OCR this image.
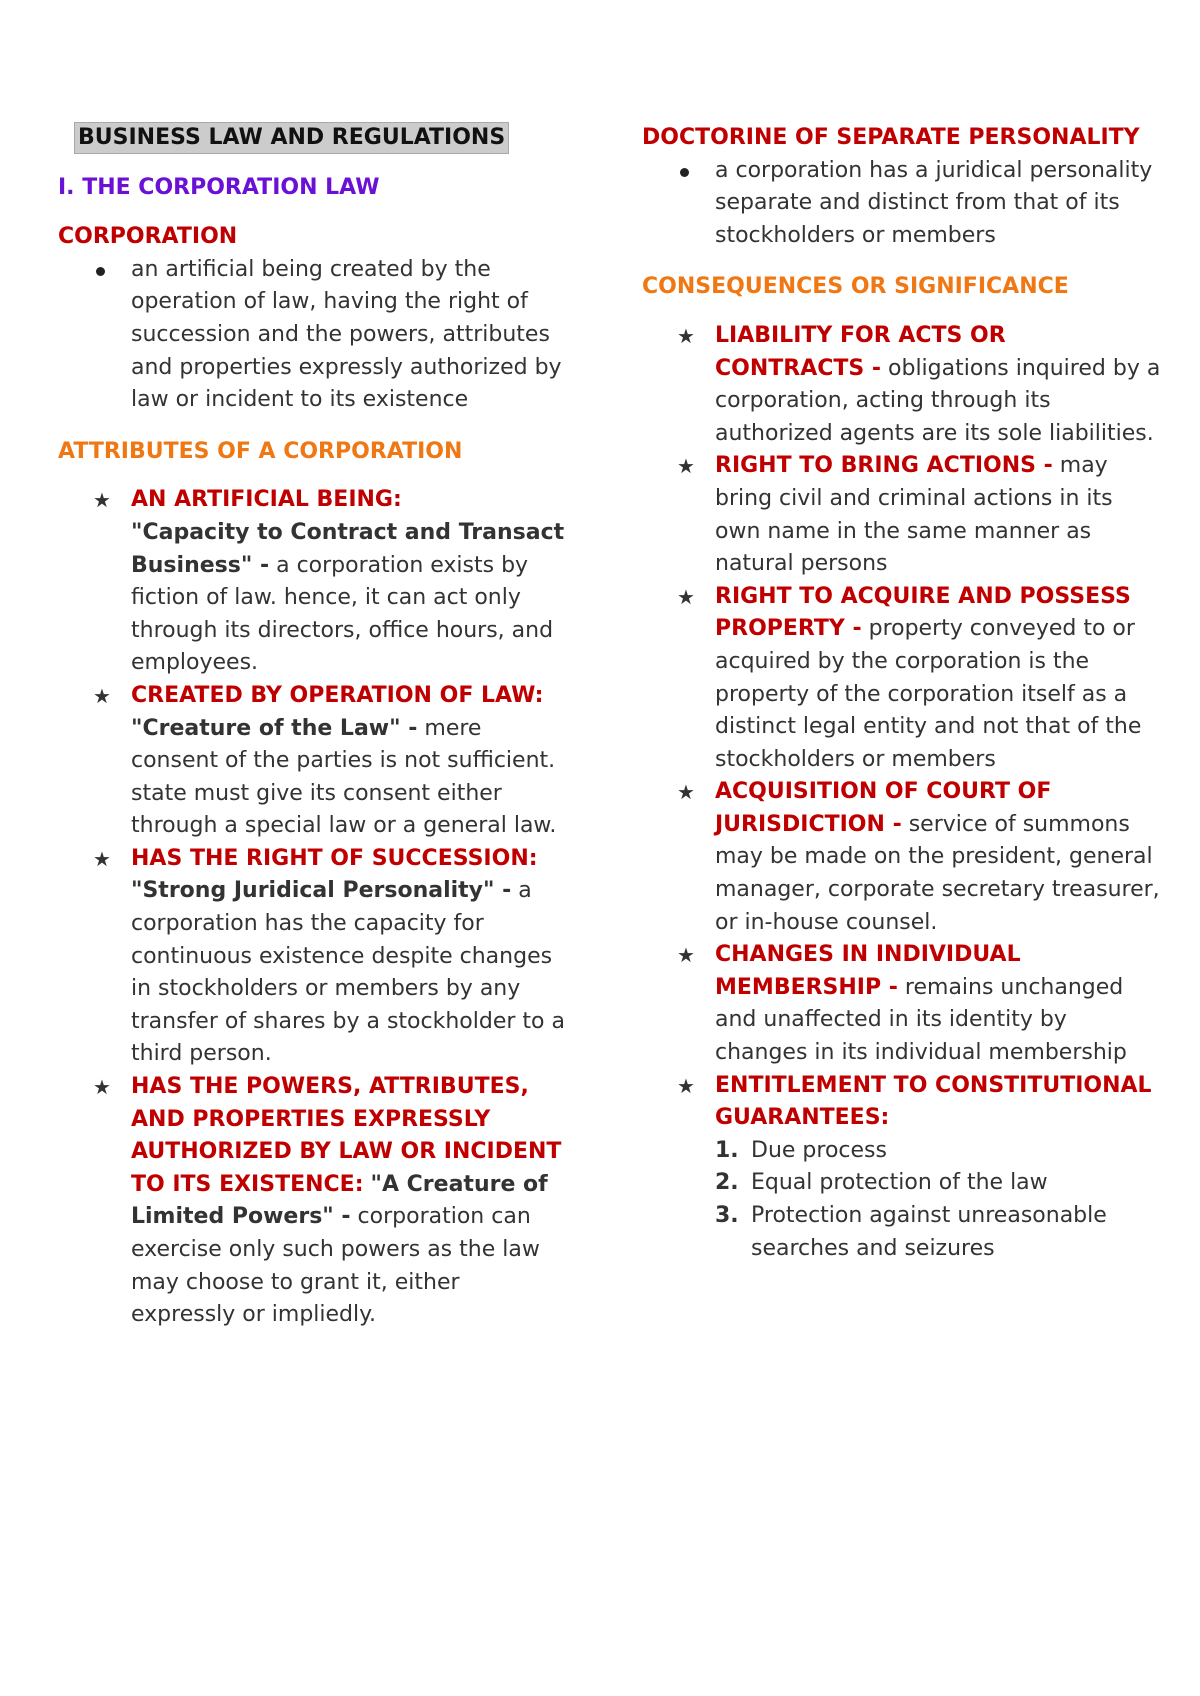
BUSINESS LAW AND REGULATIONS
I. THE CORPORATION LAW
CORPORATION
an artificial being created by the operation of law, having the right of succession and the powers, attributes and properties expressly authorized by law or incident to its existence
ATTRIBUTES OF A CORPORATION
★ AN ARTIFICIAL BEING:
"Capacity to Contract and Transact Business" - a corporation exists by fiction of law. hence, it can act only through its directors, office hours, and employees.
★ CREATED BY OPERATION OF LAW: "Creature of the Law" - mere consent of the parties is not sufficient. state must give its consent either through a special law or a general law.
★ HAS THE RIGHT OF SUCCESSION: "Strong Juridical Personality" - a corporation has the capacity for continuous existence despite changes in stockholders or members by any transfer of shares by a stockholder to a third person.
★ HAS THE POWERS, ATTRIBUTES, AND PROPERTIES EXPRESSLY AUTHORIZED BY LAW OR INCIDENT TO ITS EXISTENCE: "A Creature of Limited Powers" - corporation can exercise only such powers as the law may choose to grant it, either expressly or impliedly.
DOCTORINE OF SEPARATE PERSONALITY
a corporation has a juridical personality separate and distinct from that of its stockholders or members
CONSEQUENCES OR SIGNIFICANCE
★ LIABILITY FOR ACTS OR CONTRACTS - obligations inquired by a corporation, acting through its authorized agents are its sole liabilities.
★ RIGHT TO BRING ACTIONS - may bring civil and criminal actions in its own name in the same manner as natural persons
★ RIGHT TO ACQUIRE AND POSSESS PROPERTY - property conveyed to or acquired by the corporation is the property of the corporation itself as a distinct legal entity and not that of the stockholders or members
★ ACQUISITION OF COURT OF JURISDICTION - service of summons may be made on the president, general manager, corporate secretary treasurer, or in-house counsel.
★ CHANGES IN INDIVIDUAL MEMBERSHIP - remains unchanged and unaffected in its identity by changes in its individual membership
★ ENTITLEMENT TO CONSTITUTIONAL GUARANTEES:
1. Due process
2. Equal protection of the law
3. Protection against unreasonable searches and seizures
